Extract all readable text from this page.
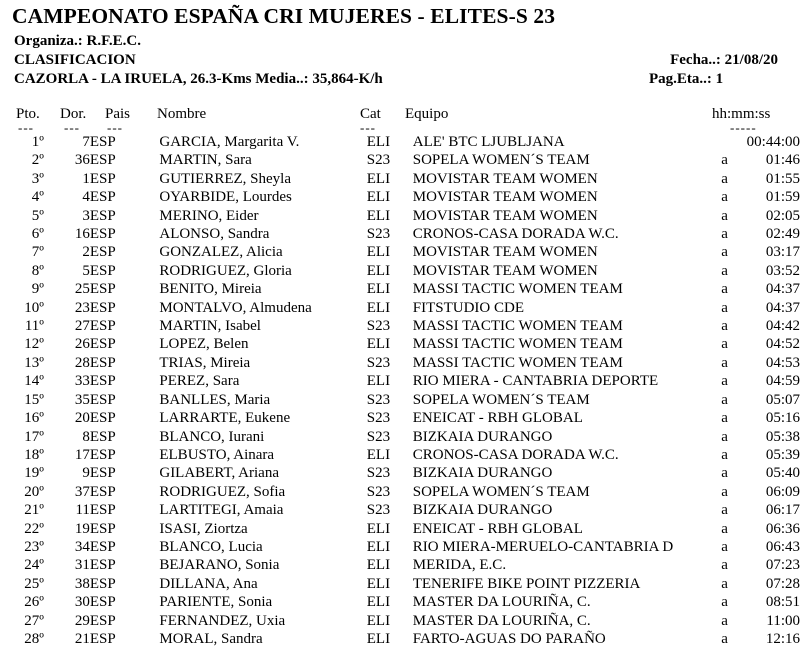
CAMPEONATO ESPAÑA CRI MUJERES - ELITES-S 23
Organiza.: R.F.E.C.
CLASIFICACION
CAZORLA - LA IRUELA, 26.3-Kms Media..: 35,864-K/h
Fecha..: 21/08/20
Pag.Eta..: 1
Pto. Dor. Pais Nombre	Cat Equipo	hh:mm:ss
--- --- ---	---	-----
1º	7	ESP	GARCIA, Margarita V.	ELI	ALE' BTC LJUBLJANA		00:44:00
2º	36	ESP	MARTIN, Sara	S23	SOPELA WOMEN´S TEAM	a	01:46
3º	1	ESP	GUTIERREZ, Sheyla	ELI	MOVISTAR TEAM WOMEN	a	01:55
4º	4	ESP	OYARBIDE, Lourdes	ELI	MOVISTAR TEAM WOMEN	a	01:59
5º	3	ESP	MERINO, Eider	ELI	MOVISTAR TEAM WOMEN	a	02:05
6º	16	ESP	ALONSO, Sandra	S23	CRONOS-CASA DORADA W.C.	a	02:49
7º	2	ESP	GONZALEZ, Alicia	ELI	MOVISTAR TEAM WOMEN	a	03:17
8º	5	ESP	RODRIGUEZ, Gloria	ELI	MOVISTAR TEAM WOMEN	a	03:52
9º	25	ESP	BENITO, Mireia	ELI	MASSI TACTIC WOMEN TEAM	a	04:37
10º	23	ESP	MONTALVO, Almudena	ELI	FITSTUDIO CDE	a	04:37
11º	27	ESP	MARTIN, Isabel	S23	MASSI TACTIC WOMEN TEAM	a	04:42
12º	26	ESP	LOPEZ, Belen	ELI	MASSI TACTIC WOMEN TEAM	a	04:52
13º	28	ESP	TRIAS, Mireia	S23	MASSI TACTIC WOMEN TEAM	a	04:53
14º	33	ESP	PEREZ, Sara	ELI	RIO MIERA - CANTABRIA DEPORTE	a	04:59
15º	35	ESP	BANLLES, Maria	S23	SOPELA WOMEN´S TEAM	a	05:07
16º	20	ESP	LARRARTE, Eukene	S23	ENEICAT - RBH GLOBAL	a	05:16
17º	8	ESP	BLANCO, Iurani	S23	BIZKAIA DURANGO	a	05:38
18º	17	ESP	ELBUSTO, Ainara	ELI	CRONOS-CASA DORADA W.C.	a	05:39
19º	9	ESP	GILABERT, Ariana	S23	BIZKAIA DURANGO	a	05:40
20º	37	ESP	RODRIGUEZ, Sofia	S23	SOPELA WOMEN´S TEAM	a	06:09
21º	11	ESP	LARTITEGI, Amaia	S23	BIZKAIA DURANGO	a	06:17
22º	19	ESP	ISASI, Ziortza	ELI	ENEICAT - RBH GLOBAL	a	06:36
23º	34	ESP	BLANCO, Lucia	ELI	RIO MIERA-MERUELO-CANTABRIA D	a	06:43
24º	31	ESP	BEJARANO, Sonia	ELI	MERIDA, E.C.	a	07:23
25º	38	ESP	DILLANA, Ana	ELI	TENERIFE BIKE POINT PIZZERIA	a	07:28
26º	30	ESP	PARIENTE, Sonia	ELI	MASTER DA LOURIÑA, C.	a	08:51
27º	29	ESP	FERNANDEZ, Uxia	ELI	MASTER DA LOURIÑA, C.	a	11:00
28º	21	ESP	MORAL, Sandra	ELI	FARTO-AGUAS DO PARAÑO	a	12:16
